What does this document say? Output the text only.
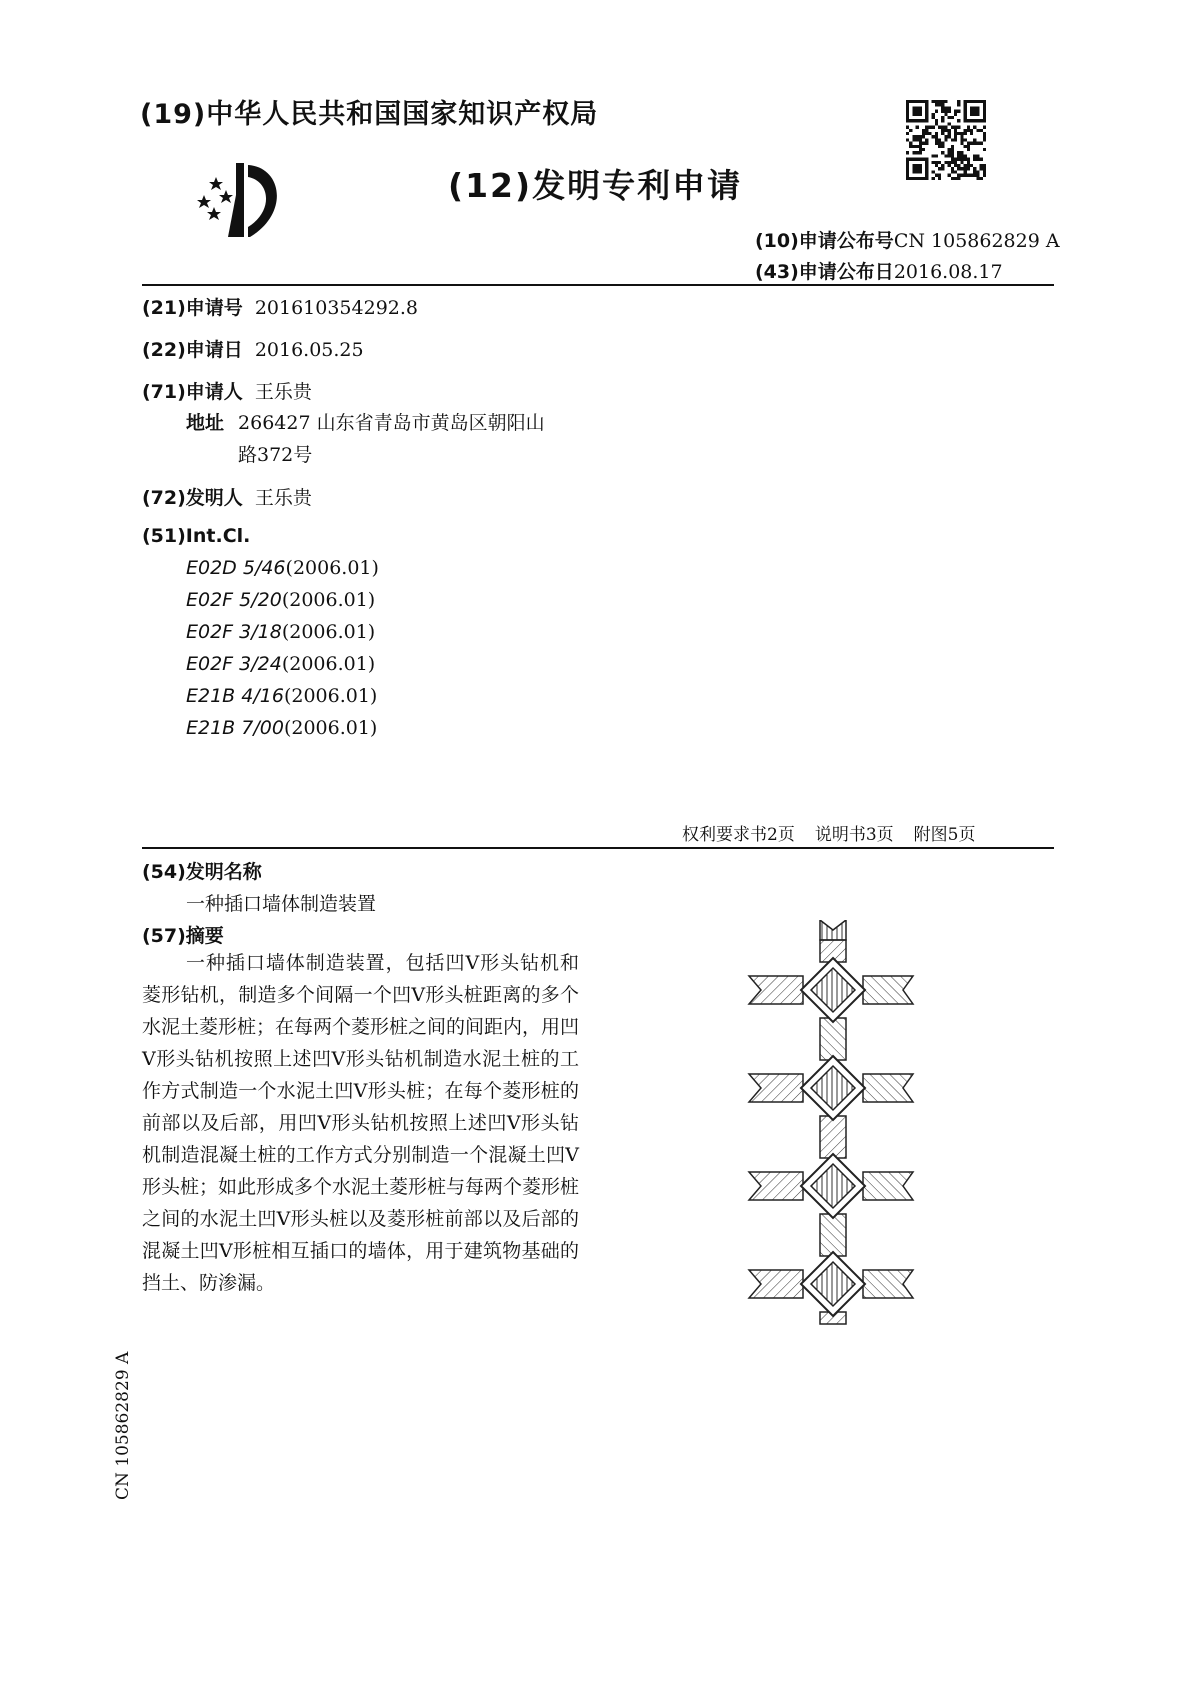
(19)中华人民共和国国家知识产权局
(12)发明专利申请
(10)申请公布号CN 105862829 A
(43)申请公布日2016.08.17
(21)申请号 201610354292.8
(22)申请日 2016.05.25
(71)申请人 王乐贵
地址 266427 山东省青岛市黄岛区朝阳山
路372号
(72)发明人 王乐贵
(51)Int.Cl.
E02D 5/46(2006.01)
E02F 5/20(2006.01)
E02F 3/18(2006.01)
E02F 3/24(2006.01)
E21B 4/16(2006.01)
E21B 7/00(2006.01)
权利要求书2页 说明书3页 附图5页
(54)发明名称
一种插口墙体制造装置
(57)摘要
一种插口墙体制造装置，包括凹V形头钻机和菱形钻机，制造多个间隔一个凹V形头桩距离的多个水泥土菱形桩；在每两个菱形桩之间的间距内，用凹V形头钻机按照上述凹V形头钻机制造水泥土桩的工作方式制造一个水泥土凹V形头桩；在每个菱形桩的前部以及后部，用凹V形头钻机按照上述凹V形头钻机制造混凝土桩的工作方式分别制造一个混凝土凹V形头桩；如此形成多个水泥土菱形桩与每两个菱形桩之间的水泥土凹V形头桩以及菱形桩前部以及后部的混凝土凹V形桩相互插口的墙体，用于建筑物基础的挡土、防渗漏。
CN 105862829 A
